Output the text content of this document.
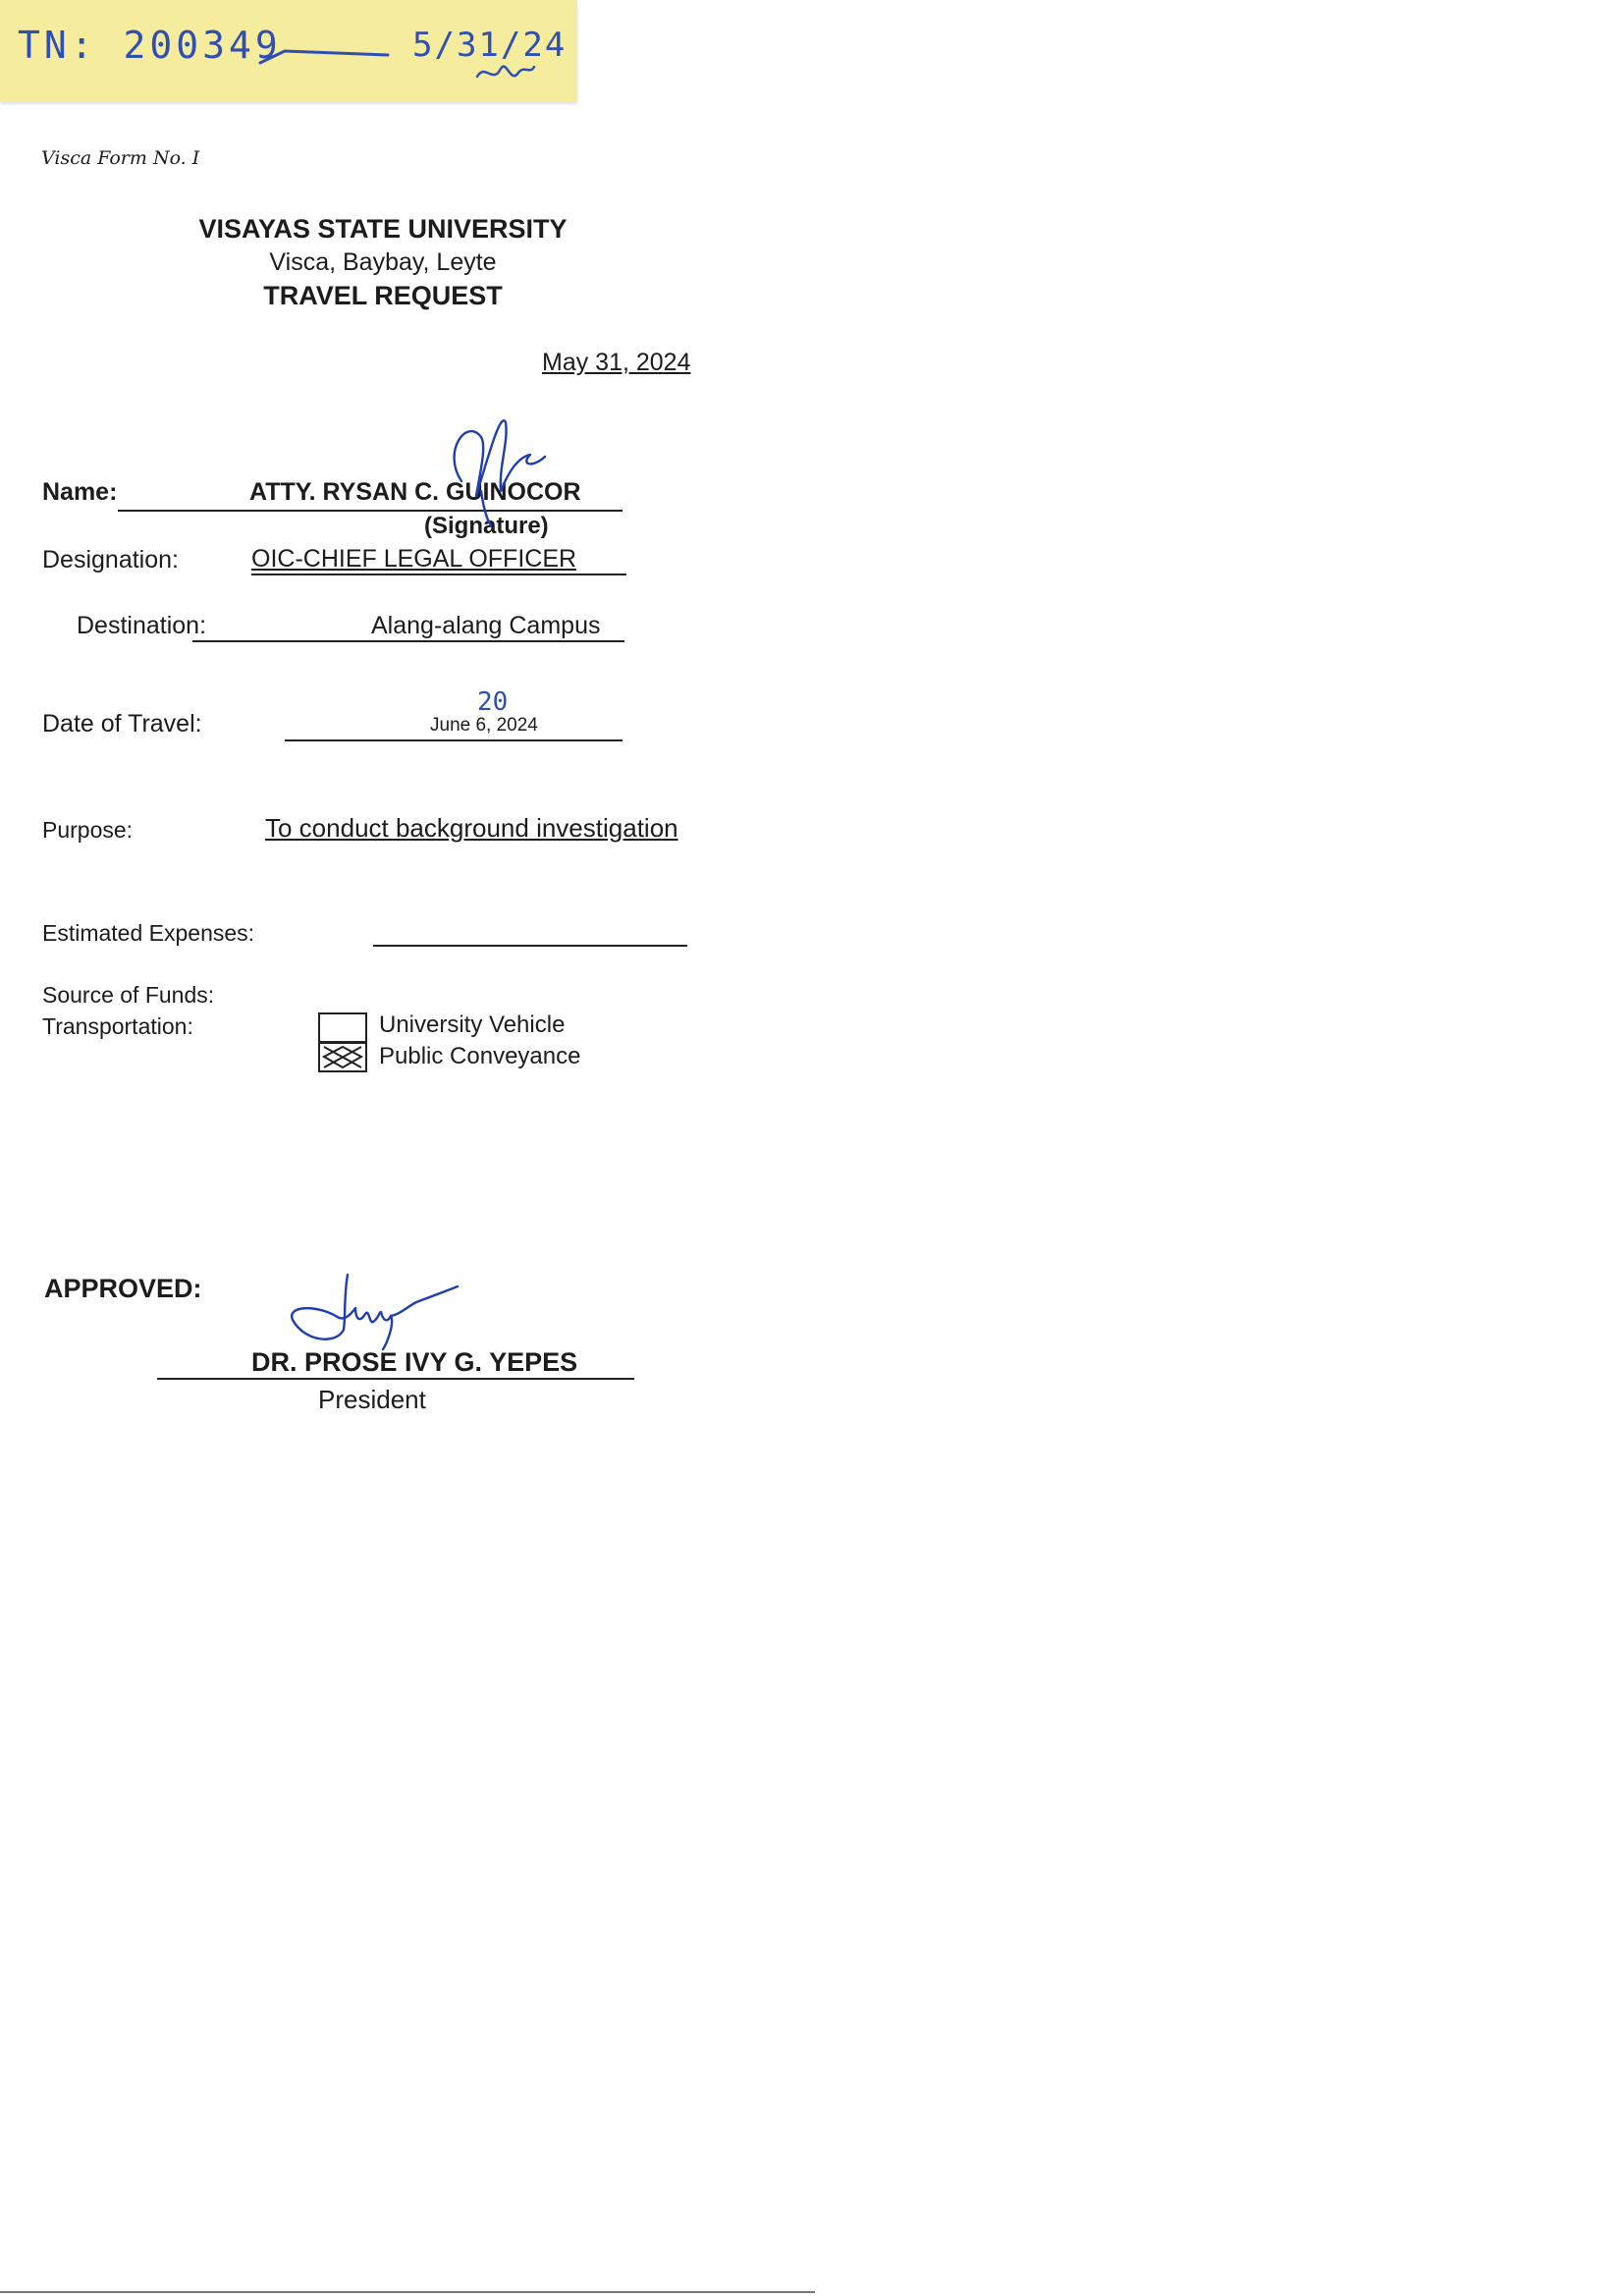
TN: 200349	5/31/24
Visca Form No. I
VISAYAS STATE UNIVERSITY
Visca, Baybay, Leyte
TRAVEL REQUEST
May 31, 2024
Name:	ATTY. RYSAN C. GUINOCOR
(Signature)
Designation:	OIC-CHIEF LEGAL OFFICER
Destination:	Alang-alang Campus
Date of Travel:	June 6, 2024
20
Purpose:	To conduct background investigation
Estimated Expenses:
Source of Funds:
Transportation:	University Vehicle
Public Conveyance
APPROVED:
DR. PROSE IVY G. YEPES
President
